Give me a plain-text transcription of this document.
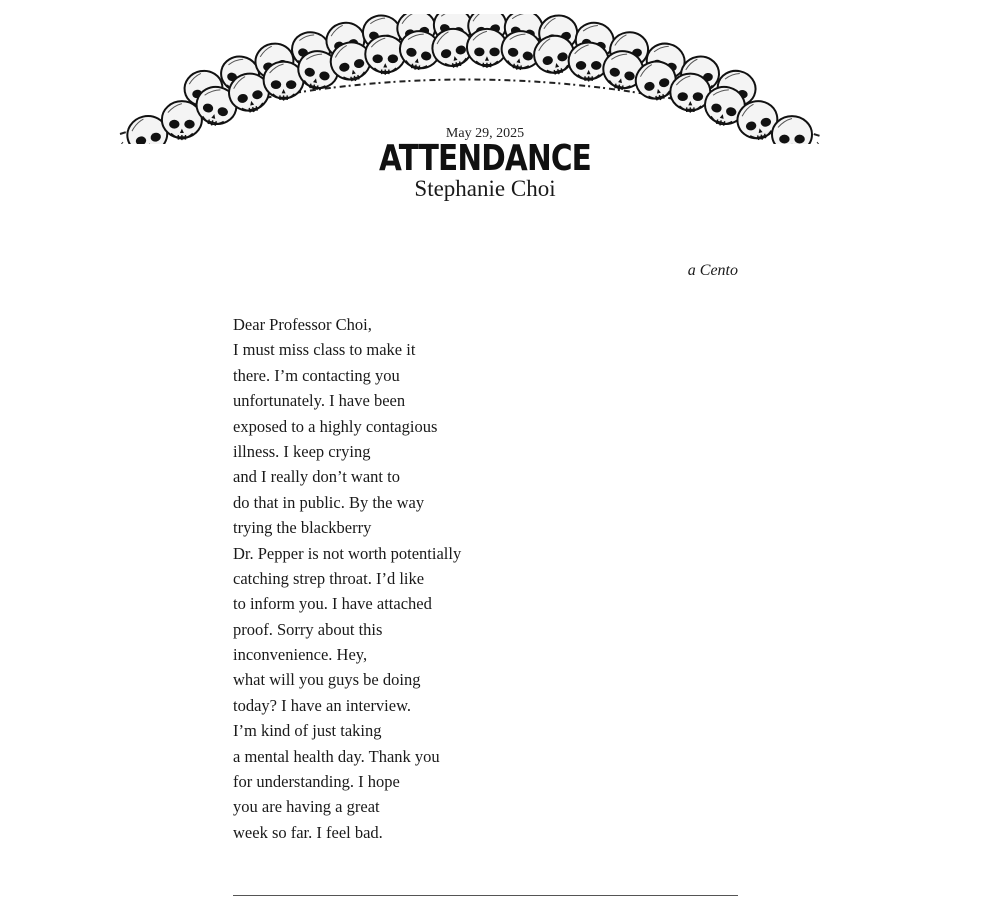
May 29, 2025
ATTENDANCE
Stephanie Choi
a Cento
Dear Professor Choi,
I must miss class to make it
there. I’m contacting you
unfortunately. I have been
exposed to a highly contagious
illness. I keep crying
and I really don’t want to
do that in public. By the way
trying the blackberry
Dr. Pepper is not worth potentially
catching strep throat. I’d like
to inform you. I have attached
proof. Sorry about this
inconvenience. Hey,
what will you guys be doing
today? I have an interview.
I’m kind of just taking
a mental health day. Thank you
for understanding. I hope
you are having a great
week so far. I feel bad.
